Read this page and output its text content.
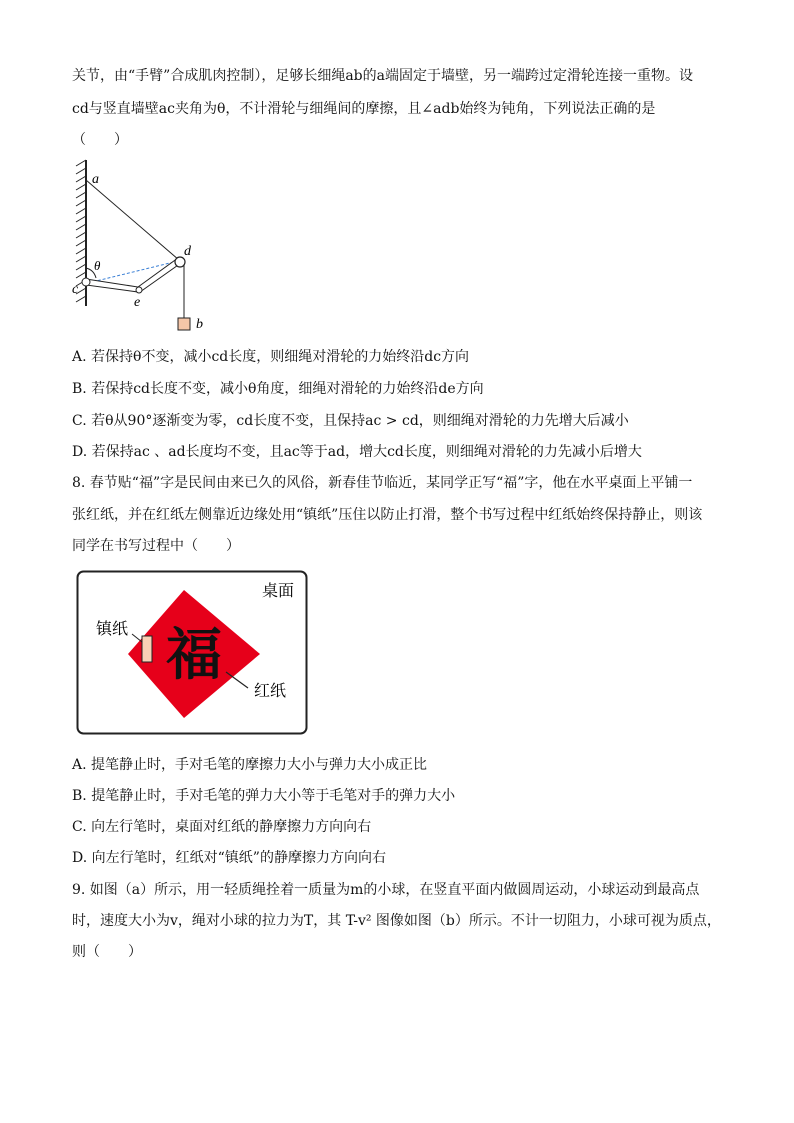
关节，由“手臂”合成肌肉控制），足够长细绳ab的a端固定于墙壁，另一端跨过定滑轮连接一重物。设
cd与竖直墙壁ac夹角为θ，不计滑轮与细绳间的摩擦，且∠adb始终为钝角，下列说法正确的是
（　　）
a
d
θ
c
e
b
A. 若保持θ不变，减小cd长度，则细绳对滑轮的力始终沿dc方向
B. 若保持cd长度不变，减小θ角度，细绳对滑轮的力始终沿de方向
C. 若θ从90°逐渐变为零，cd长度不变，且保持ac > cd，则细绳对滑轮的力先增大后减小
D. 若保持ac 、ad长度均不变，且ac等于ad，增大cd长度，则细绳对滑轮的力先减小后增大
8. 春节贴“福”字是民间由来已久的风俗，新春佳节临近，某同学正写“福”字，他在水平桌面上平铺一
张红纸，并在红纸左侧靠近边缘处用“镇纸”压住以防止打滑，整个书写过程中红纸始终保持静止，则该
同学在书写过程中（　　）
福
桌面
镇纸
红纸
A. 提笔静止时，手对毛笔的摩擦力大小与弹力大小成正比
B. 提笔静止时，手对毛笔的弹力大小等于毛笔对手的弹力大小
C. 向左行笔时，桌面对红纸的静摩擦力方向向右
D. 向左行笔时，红纸对“镇纸”的静摩擦力方向向右
9. 如图（a）所示，用一轻质绳拴着一质量为m的小球，在竖直平面内做圆周运动，小球运动到最高点
时，速度大小为v，绳对小球的拉力为T，其 T-v² 图像如图（b）所示。不计一切阻力，小球可视为质点，
则（　　）
